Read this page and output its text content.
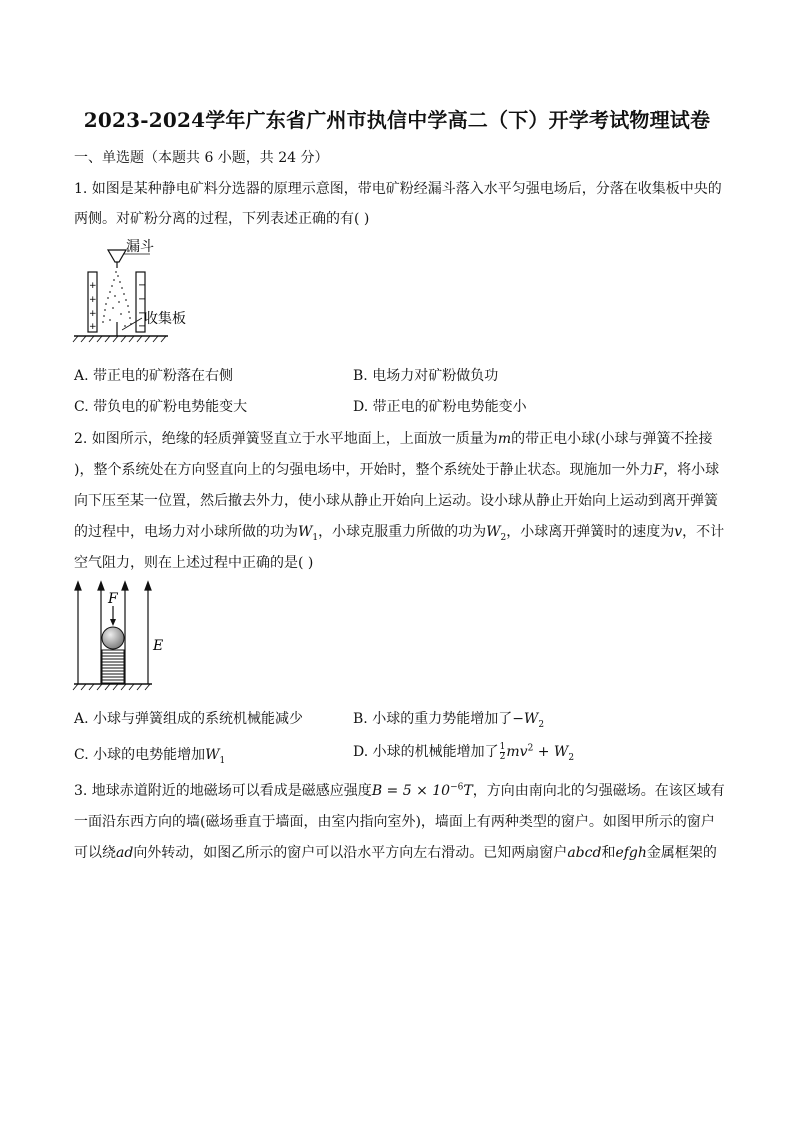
2023-2024学年广东省广州市执信中学高二（下）开学考试物理试卷
一、单选题（本题共 6 小题，共 24 分）
1. 如图是某种静电矿料分选器的原理示意图，带电矿粉经漏斗落入水平匀强电场后，分落在收集板中央的
两侧。对矿粉分离的过程，下列表述正确的有( )
漏斗
+
+
+
+
−
−
−
−
收集板
A. 带正电的矿粉落在右侧	B. 电场力对矿粉做负功
C. 带负电的矿粉电势能变大	D. 带正电的矿粉电势能变小
2. 如图所示，绝缘的轻质弹簧竖直立于水平地面上，上面放一质量为m的带正电小球(小球与弹簧不拴接
)，整个系统处在方向竖直向上的匀强电场中，开始时，整个系统处于静止状态。现施加一外力F，将小球
向下压至某一位置，然后撤去外力，使小球从静止开始向上运动。设小球从静止开始向上运动到离开弹簧
的过程中，电场力对小球所做的功为$W_1$，小球克服重力所做的功为$W_2$，小球离开弹簧时的速度为v，不计
空气阻力，则在上述过程中正确的是( )
F
E
A. 小球与弹簧组成的系统机械能减少	B. 小球的重力势能增加了$-W_2$
C. 小球的电势能增加$W_1$
D. 小球的机械能增加了 $\frac{1}{2} mv^2 + W_2$
3. 地球赤道附近的地磁场可以看成是磁感应强度$B = 5 \times 10^{-6}T$，方向由南向北的匀强磁场。在该区域有
一面沿东西方向的墙(磁场垂直于墙面，由室内指向室外)，墙面上有两种类型的窗户。如图甲所示的窗户
可以绕ad向外转动，如图乙所示的窗户可以沿水平方向左右滑动。已知两扇窗户abcd和efgh金属框架的
